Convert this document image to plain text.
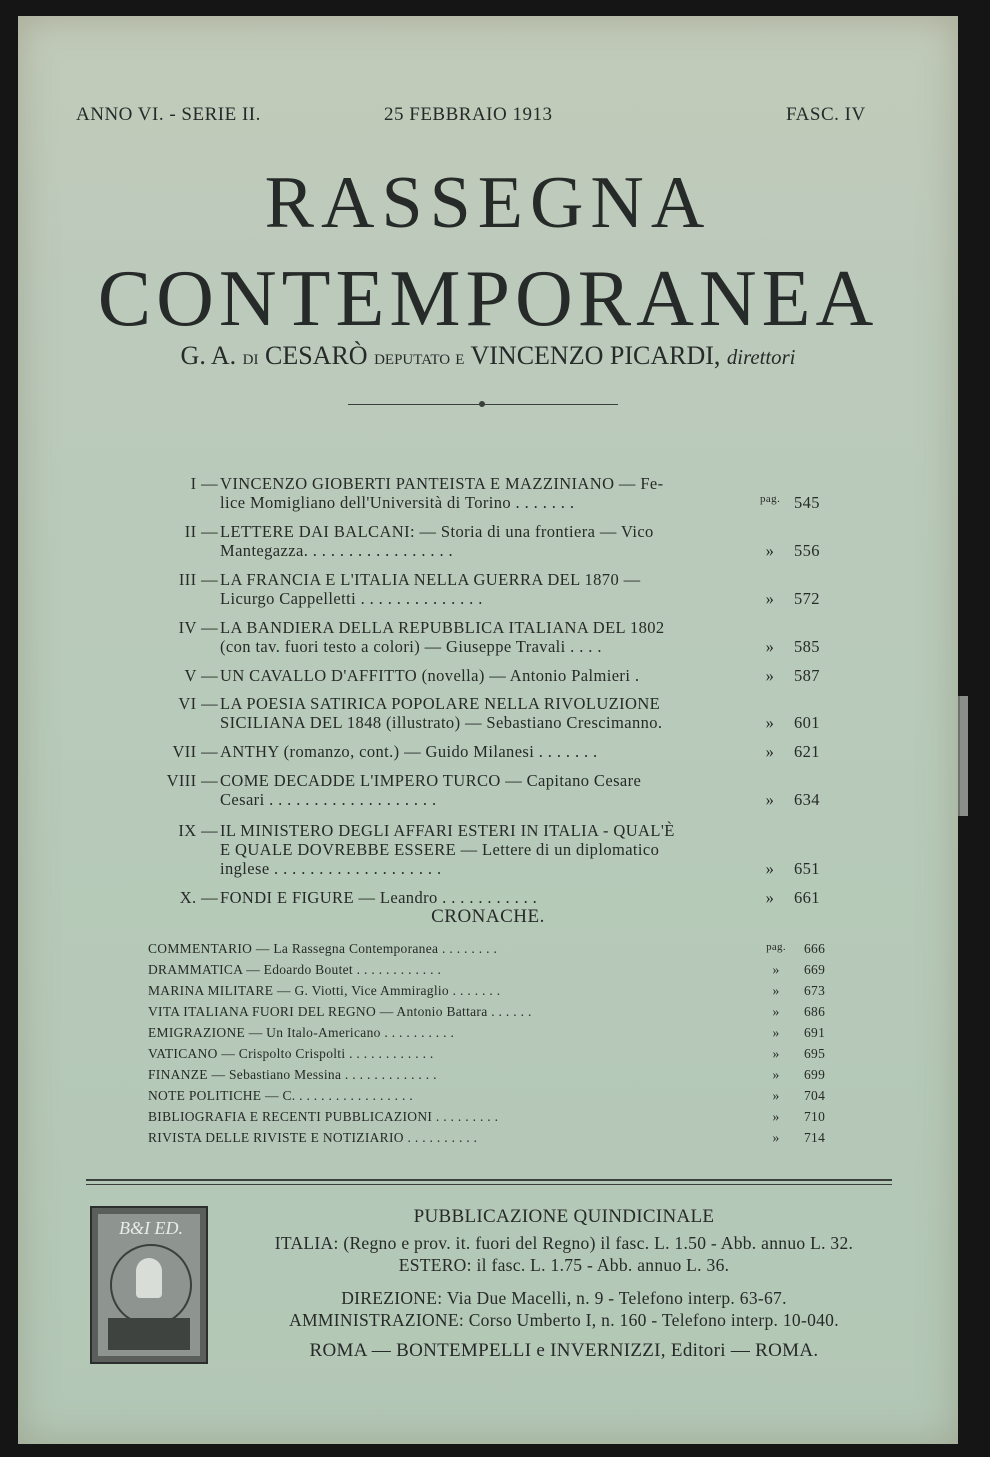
ANNO VI. - SERIE II.	25 FEBBRAIO 1913	FASC. IV
RASSEGNA
CONTEMPORANEA
G. A. di CESARÒ deputato e VINCENZO PICARDI, direttori
I — VINCENZO GIOBERTI PANTEISTA E MAZZINIANO — Fe-
lice Momigliano dell'Università di Torino . . . . . . .	pag. 545
II — LETTERE DAI BALCANI: — Storia di una frontiera — Vico
Mantegazza. . . . . . . . . . . . . . . . .	»	556
III — LA FRANCIA E L'ITALIA NELLA GUERRA DEL 1870 —
Licurgo Cappelletti . . . . . . . . . . . . . .	»	572
IV — LA BANDIERA DELLA REPUBBLICA ITALIANA DEL 1802
(con tav. fuori testo a colori) — Giuseppe Travali . . . .	»	585
V — UN CAVALLO D'AFFITTO (novella) — Antonio Palmieri .	»	587
VI — LA POESIA SATIRICA POPOLARE NELLA RIVOLUZIONE
SICILIANA DEL 1848 (illustrato) — Sebastiano Crescimanno.	»	601
VII — ANTHY (romanzo, cont.) — Guido Milanesi . . . . . . .	»	621
VIII — COME DECADDE L'IMPERO TURCO — Capitano Cesare
Cesari . . . . . . . . . . . . . . . . . . .	»	634
IX — IL MINISTERO DEGLI AFFARI ESTERI IN ITALIA - QUAL'È
E QUALE DOVREBBE ESSERE — Lettere di un diplomatico
inglese . . . . . . . . . . . . . . . . . . .	»	651
X. — FONDI E FIGURE — Leandro . . . . . . . . . . .	»	661
CRONACHE.
COMMENTARIO — La Rassegna Contemporanea . . . . . . . .	pag. 666
DRAMMATICA — Edoardo Boutet . . . . . . . . . . . .	»	669
MARINA MILITARE — G. Viotti, Vice Ammiraglio . . . . . . .	»	673
VITA ITALIANA FUORI DEL REGNO — Antonio Battara . . . . . .	»	686
EMIGRAZIONE — Un Italo-Americano . . . . . . . . . .	»	691
VATICANO — Crispolto Crispolti . . . . . . . . . . . .	»	695
FINANZE — Sebastiano Messina . . . . . . . . . . . . .	»	699
NOTE POLITICHE — C. . . . . . . . . . . . . . . . .	»	704
BIBLIOGRAFIA E RECENTI PUBBLICAZIONI . . . . . . . . .	»	710
RIVISTA DELLE RIVISTE E NOTIZIARIO . . . . . . . . . .	»	714
B&I ED.
PUBBLICAZIONE QUINDICINALE
ITALIA: (Regno e prov. it. fuori del Regno) il fasc. L. 1.50 - Abb. annuo L. 32.
ESTERO: il fasc. L. 1.75 - Abb. annuo L. 36.
DIREZIONE: Via Due Macelli, n. 9 - Telefono interp. 63-67.
AMMINISTRAZIONE: Corso Umberto I, n. 160 - Telefono interp. 10-040.
ROMA — BONTEMPELLI e INVERNIZZI, Editori — ROMA.
